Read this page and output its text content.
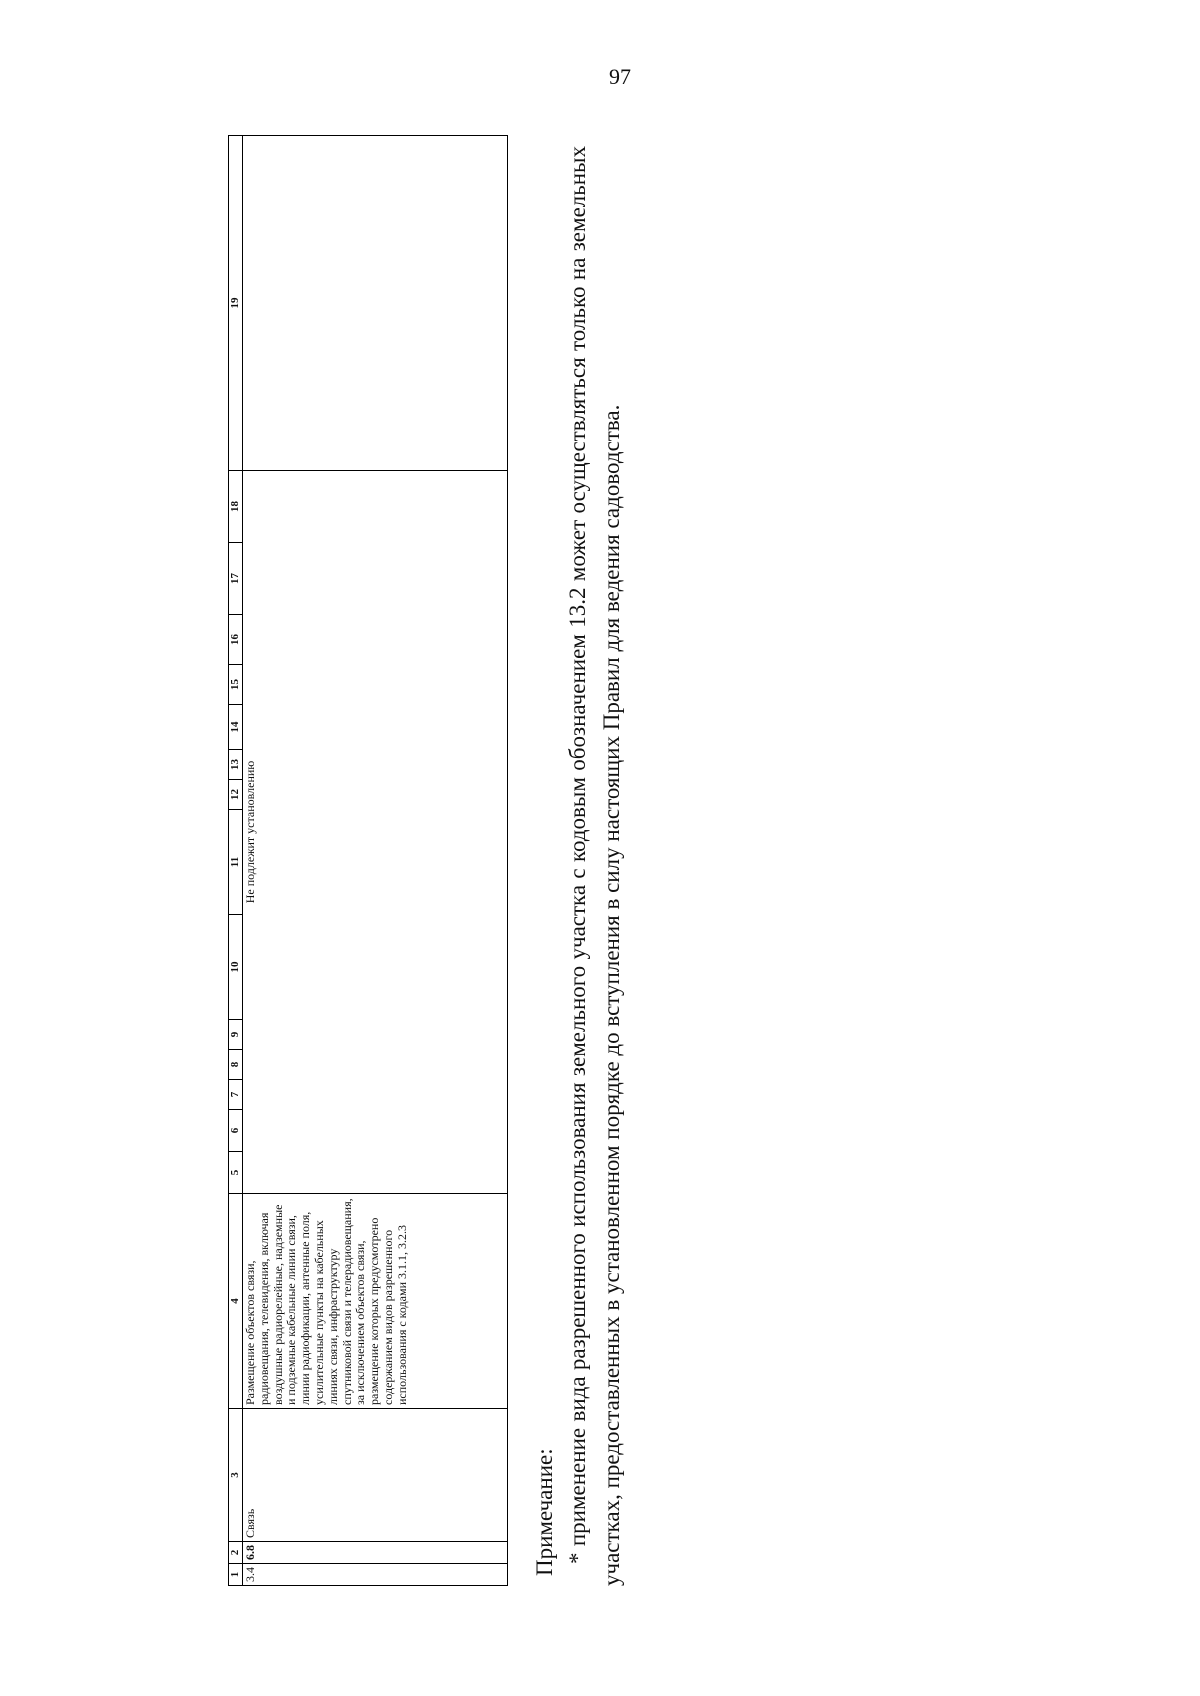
97
1	2	3	4	5	6	7	8	9	10	11	12	13	14	15	16	17	18	19
3.4	6.8	Связь	Размещение объектов связи, радиовещания, телевидения, включая воздушные радиорелейные, надземные и подземные кабельные линии связи, линии радиофикации, антенные поля, усилительные пункты на кабельных линиях связи, инфраструктуру спутниковой связи и телерадиовещания, за исключением объектов связи, размещение которых предусмотрено содержанием видов разрешенного использования с кодами 3.1.1, 3.2.3	Не подлежит установлению														
Примечание: * применение вида разрешенного использования земельного участка с кодовым обозначением 13.2 может осуществляться только на земельных участках, предоставленных в установленном порядке до вступления в силу настоящих Правил для ведения садоводства.
